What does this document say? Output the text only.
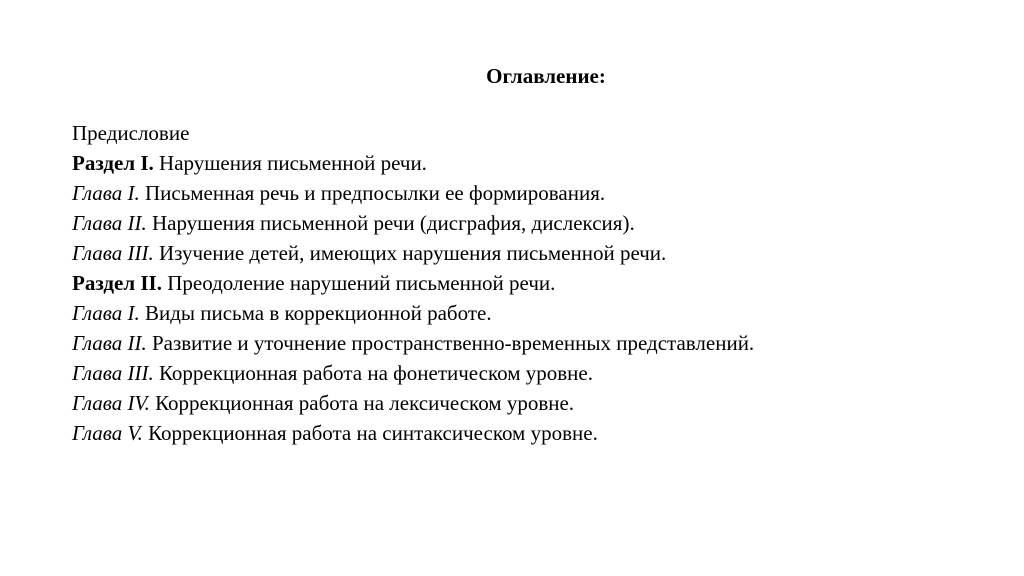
Оглавление:
Предисловие
Раздел I. Нарушения письменной речи.
Глава I. Письменная речь и предпосылки ее формирования.
Глава II. Нарушения письменной речи (дисграфия, дислексия).
Глава III. Изучение детей, имеющих нарушения письменной речи.
Раздел II. Преодоление нарушений письменной речи.
Глава I. Виды письма в коррекционной работе.
Глава II. Развитие и уточнение пространственно-временных представлений.
Глава III. Коррекционная работа на фонетическом уровне.
Глава IV. Коррекционная работа на лексическом уровне.
Глава V. Коррекционная работа на синтаксическом уровне.
